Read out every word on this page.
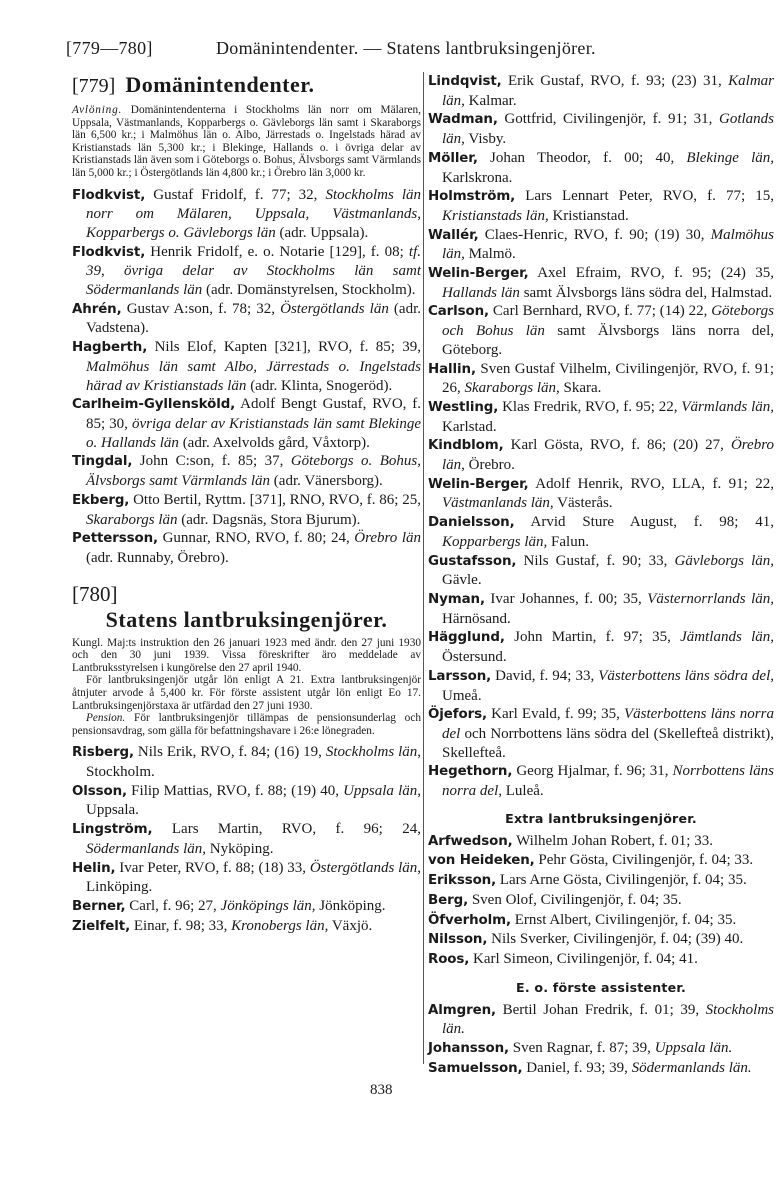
[779—780]	Domänintendenter. — Statens lantbruksingenjörer.
[779] Domänintendenter.

Avlöning. Domänintendenterna i Stockholms län norr om Mälaren, Uppsala, Västmanlands, Kopparbergs o. Gävleborgs län samt i Skaraborgs län 6,500 kr.; i Malmöhus län o. Albo, Järrestads o. Ingelstads härad av Kristianstads län 5,300 kr.; i Blekinge, Hallands o. i övriga delar av Kristianstads län även som i Göteborgs o. Bohus, Älvsborgs samt Värmlands län 5,000 kr.; i Östergötlands län 4,800 kr.; i Örebro län 3,000 kr.

Flodkvist, Gustaf Fridolf, f. 77; 32, Stockholms län norr om Mälaren, Uppsala, Västmanlands, Kopparbergs o. Gävleborgs län (adr. Uppsala).
Flodkvist, Henrik Fridolf, e. o. Notarie [129], f. 08; tf. 39, övriga delar av Stockholms län samt Södermanlands län (adr. Domänstyrelsen, Stockholm).
Ahrén, Gustav A:son, f. 78; 32, Östergötlands län (adr. Vadstena).
Hagberth, Nils Elof, Kapten [321], RVO, f. 85; 39, Malmöhus län samt Albo, Järrestads o. Ingelstads härad av Kristianstads län (adr. Klinta, Snogeröd).
Carlheim-Gyllensköld, Adolf Bengt Gustaf, RVO, f. 85; 30, övriga delar av Kristianstads län samt Blekinge o. Hallands län (adr. Axelvolds gård, Våxtorp).
Tingdal, John C:son, f. 85; 37, Göteborgs o. Bohus, Älvsborgs samt Värmlands län (adr. Vänersborg).
Ekberg, Otto Bertil, Ryttm. [371], RNO, RVO, f. 86; 25, Skaraborgs län (adr. Dagsnäs, Stora Bjurum).
Pettersson, Gunnar, RNO, RVO, f. 80; 24, Örebro län (adr. Runnaby, Örebro).
[780]
Statens lantbruksingenjörer.

Kungl. Maj:ts instruktion den 26 januari 1923 med ändr. den 27 juni 1930 och den 30 juni 1939. Vissa föreskrifter äro meddelade av Lantbruksstyrelsen i kungörelse den 27 april 1940.

För lantbruksingenjör utgår lön enligt A 21. Extra lantbruksingenjör åtnjuter arvode å 5,400 kr. För förste assistent utgår lön enligt Eo 17. Lantbruksingenjörstaxa är utfärdad den 27 juni 1930.

Pension. För lantbruksingenjör tillämpas de pensionsunderlag och pensionsavdrag, som gälla för befattningshavare i 26:e lönegraden.

Risberg, Nils Erik, RVO, f. 84; (16) 19, Stockholms län, Stockholm.
Olsson, Filip Mattias, RVO, f. 88; (19) 40, Uppsala län, Uppsala.
Lingström, Lars Martin, RVO, f. 96; 24, Södermanlands län, Nyköping.
Helin, Ivar Peter, RVO, f. 88; (18) 33, Östergötlands län, Linköping.
Berner, Carl, f. 96; 27, Jönköpings län, Jönköping.
Zielfelt, Einar, f. 98; 33, Kronobergs län, Växjö.
Lindqvist, Erik Gustaf, RVO, f. 93; (23) 31, Kalmar län, Kalmar.
Wadman, Gottfrid, Civilingenjör, f. 91; 31, Gotlands län, Visby.
Möller, Johan Theodor, f. 00; 40, Blekinge län, Karlskrona.
Holmström, Lars Lennart Peter, RVO, f. 77; 15, Kristianstads län, Kristianstad.
Wallér, Claes-Henric, RVO, f. 90; (19) 30, Malmöhus län, Malmö.
Welin-Berger, Axel Efraim, RVO, f. 95; (24) 35, Hallands län samt Älvsborgs läns södra del, Halmstad.
Carlson, Carl Bernhard, RVO, f. 77; (14) 22, Göteborgs och Bohus län samt Älvsborgs läns norra del, Göteborg.
Hallin, Sven Gustaf Vilhelm, Civilingenjör, RVO, f. 91; 26, Skaraborgs län, Skara.
Westling, Klas Fredrik, RVO, f. 95; 22, Värmlands län, Karlstad.
Kindblom, Karl Gösta, RVO, f. 86; (20) 27, Örebro län, Örebro.
Welin-Berger, Adolf Henrik, RVO, LLA, f. 91; 22, Västmanlands län, Västerås.
Danielsson, Arvid Sture August, f. 98; 41, Kopparbergs län, Falun.
Gustafsson, Nils Gustaf, f. 90; 33, Gävleborgs län, Gävle.
Nyman, Ivar Johannes, f. 00; 35, Västernorrlands län, Härnösand.
Hägglund, John Martin, f. 97; 35, Jämtlands län, Östersund.
Larsson, David, f. 94; 33, Västerbottens läns södra del, Umeå.
Öjefors, Karl Evald, f. 99; 35, Västerbottens läns norra del och Norrbottens läns södra del (Skellefteå distrikt), Skellefteå.
Hegethorn, Georg Hjalmar, f. 96; 31, Norrbottens läns norra del, Luleå.
Extra lantbruksingenjörer.
Arfwedson, Wilhelm Johan Robert, f. 01; 33.
von Heideken, Pehr Gösta, Civilingenjör, f. 04; 33.
Eriksson, Lars Arne Gösta, Civilingenjör, f. 04; 35.
Berg, Sven Olof, Civilingenjör, f. 04; 35.
Öfverholm, Ernst Albert, Civilingenjör, f. 04; 35.
Nilsson, Nils Sverker, Civilingenjör, f. 04; (39) 40.
Roos, Karl Simeon, Civilingenjör, f. 04; 41.
E. o. förste assistenter.
Almgren, Bertil Johan Fredrik, f. 01; 39, Stockholms län.
Johansson, Sven Ragnar, f. 87; 39, Uppsala län.
Samuelsson, Daniel, f. 93; 39, Södermanlands län.
838
